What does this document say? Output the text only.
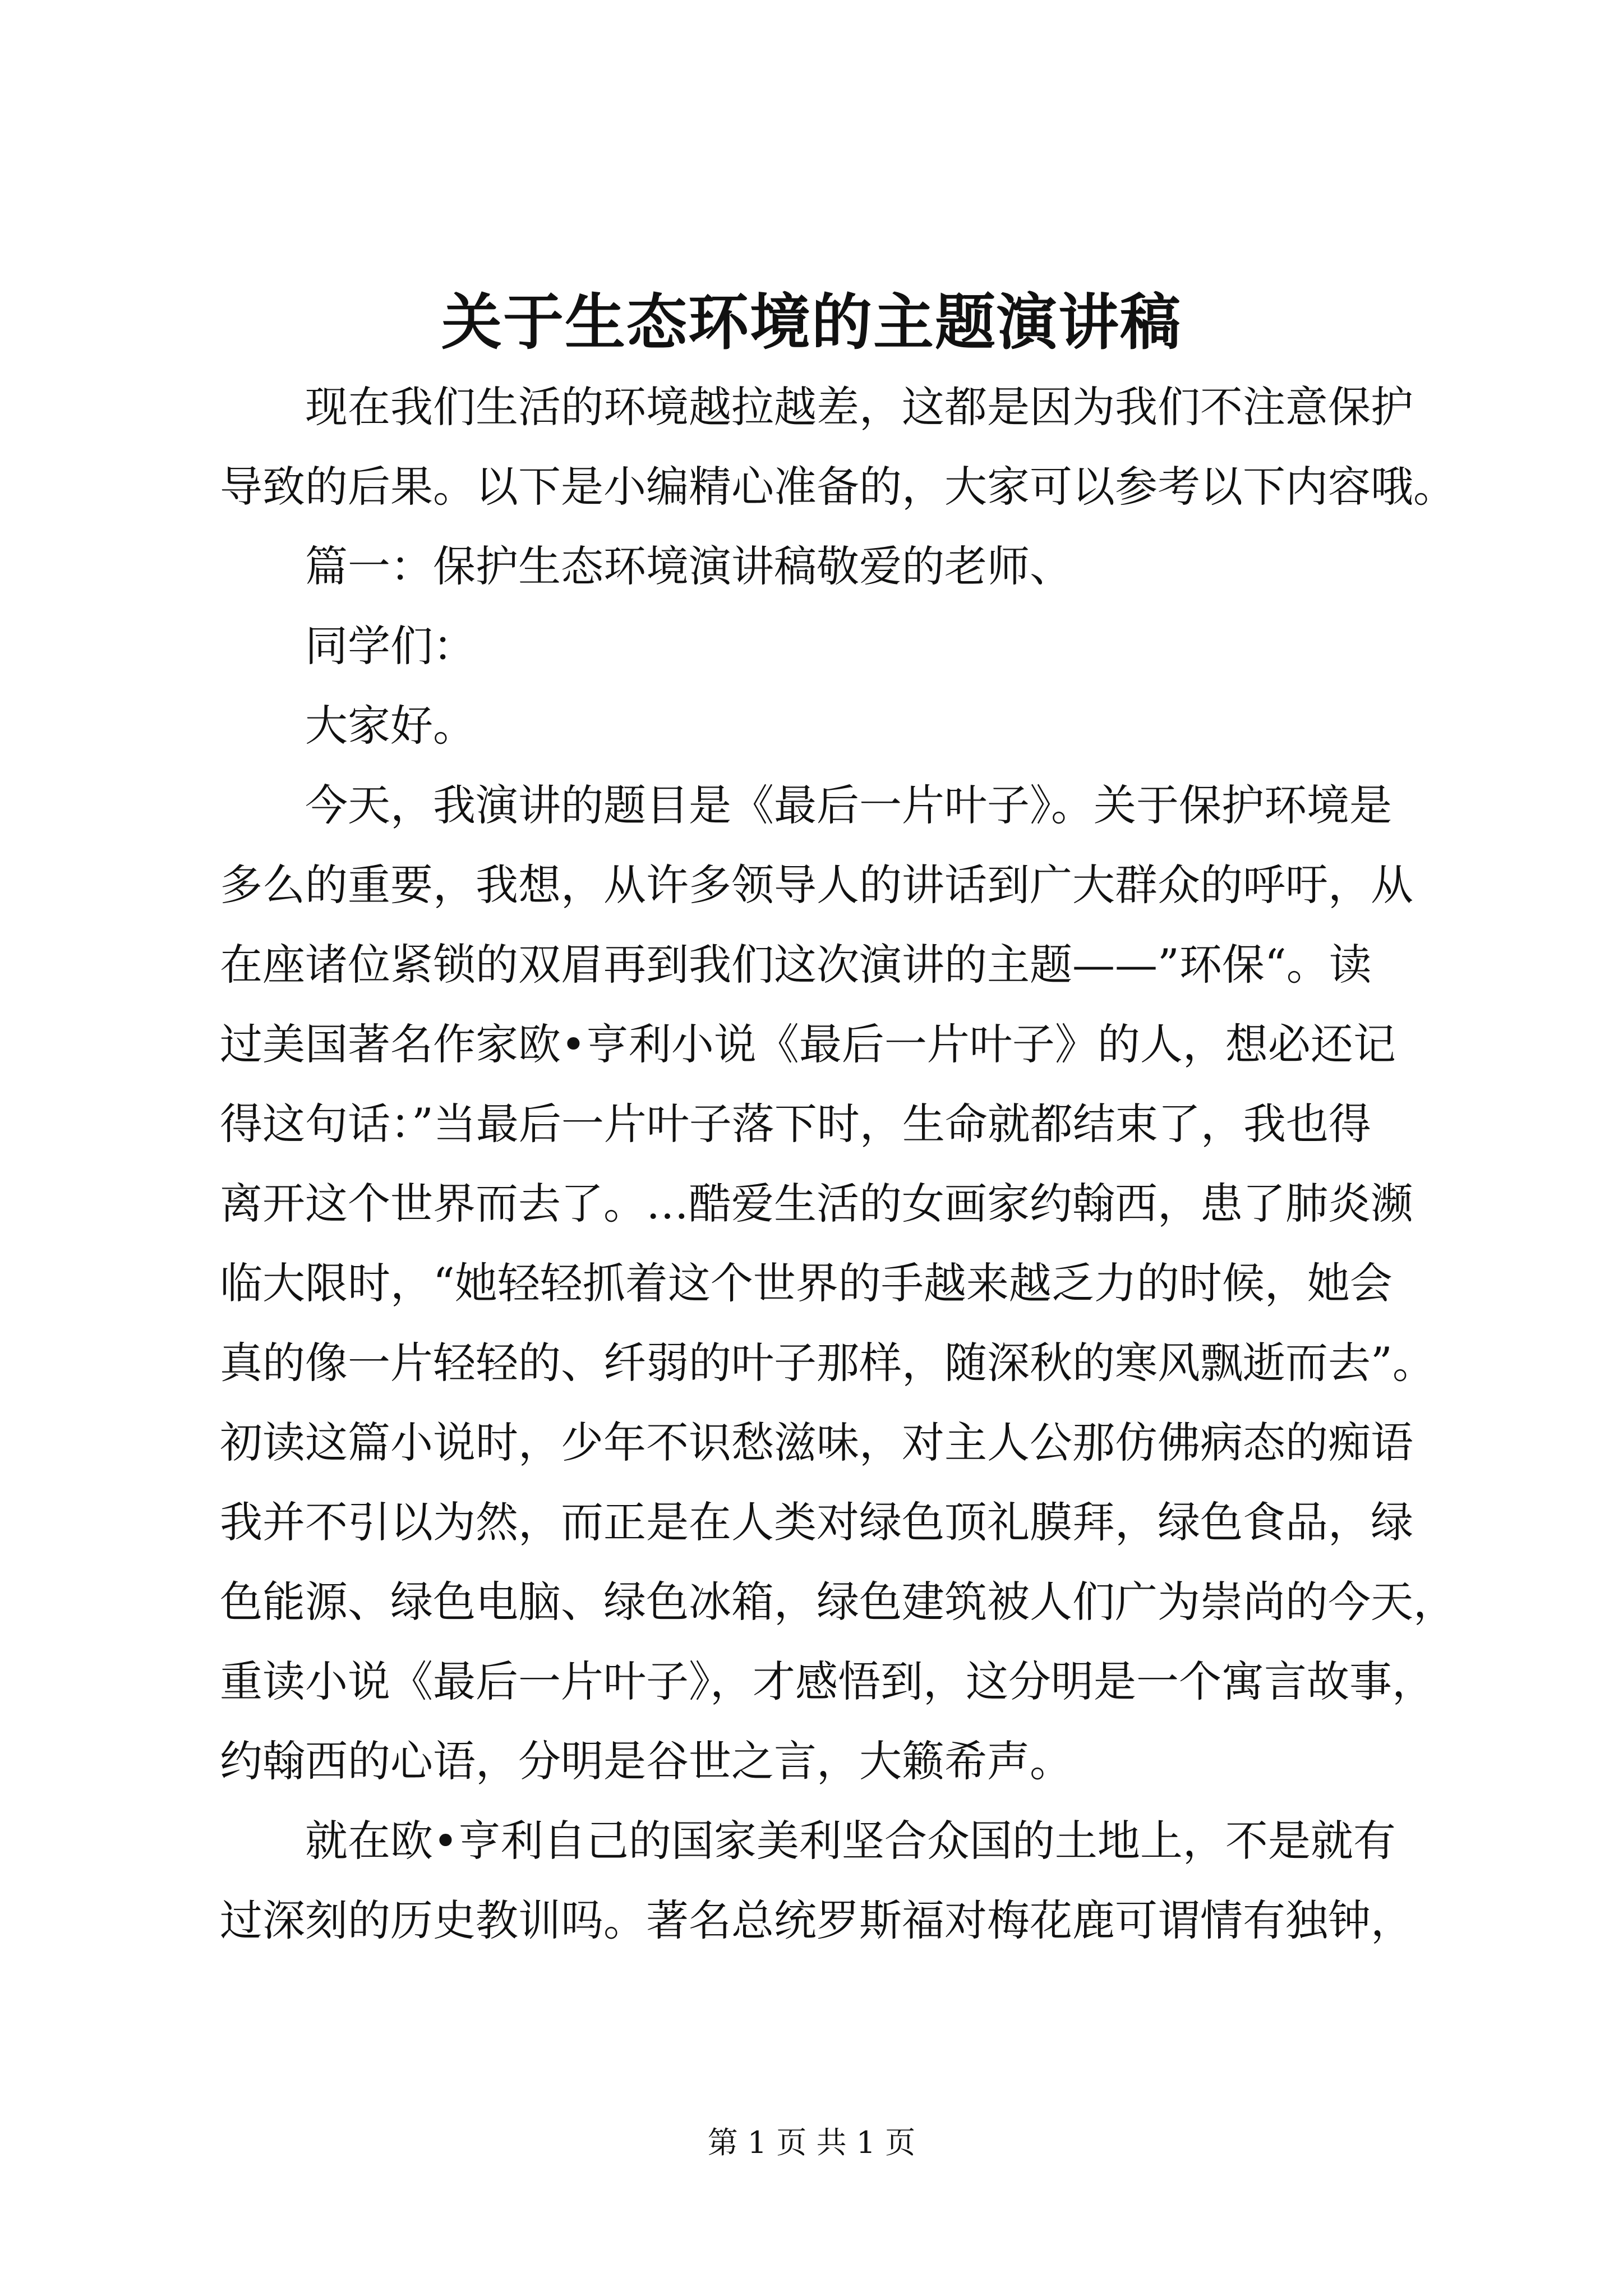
关于生态环境的主题演讲稿
现在我们生活的环境越拉越差，这都是因为我们不注意保护
导致的后果。以下是小编精心准备的，大家可以参考以下内容哦。
篇一：保护生态环境演讲稿敬爱的老师、
同学们：
大家好。
今天，我演讲的题目是《最后一片叶子》。关于保护环境是
多么的重要，我想，从许多领导人的讲话到广大群众的呼吁，从
在座诸位紧锁的双眉再到我们这次演讲的主题——”环保“。读
过美国著名作家欧•亨利小说《最后一片叶子》的人，想必还记
得这句话：”当最后一片叶子落下时，生命就都结束了，我也得
离开这个世界而去了。…酷爱生活的女画家约翰西，患了肺炎濒
临大限时，“她轻轻抓着这个世界的手越来越乏力的时候，她会
真的像一片轻轻的、纤弱的叶子那样，随深秋的寒风飘逝而去”。
初读这篇小说时，少年不识愁滋味，对主人公那仿佛病态的痴语
我并不引以为然，而正是在人类对绿色顶礼膜拜，绿色食品，绿
色能源、绿色电脑、绿色冰箱，绿色建筑被人们广为崇尚的今天，
重读小说《最后一片叶子》，才感悟到，这分明是一个寓言故事，
约翰西的心语，分明是谷世之言，大籁希声。
就在欧•亨利自己的国家美利坚合众国的土地上，不是就有
过深刻的历史教训吗。著名总统罗斯福对梅花鹿可谓情有独钟，
第 1 页 共 1 页
